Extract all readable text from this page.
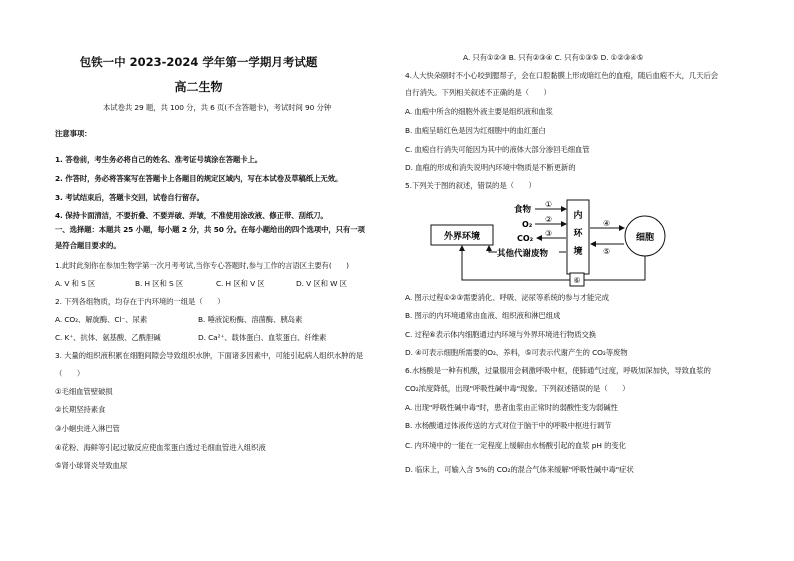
包铁一中 2023-2024 学年第一学期月考试题
高二生物
本试卷共 29 题，共 100 分，共 6 页(不含答题卡)，考试时间 90 分钟
注意事项：
1. 答卷前，考生务必将自己的姓名、准考证号填涂在答题卡上。
2. 作答时，务必将答案写在答题卡上各题目的规定区域内，写在本试卷及草稿纸上无效。
3. 考试结束后，答题卡交回，试卷自行留存。
4. 保持卡面清洁，不要折叠、不要弄破、弄皱，不准使用涂改液、修正带、刮纸刀。
一、选择题：本题共 25 小题，每小题 2 分，共 50 分。在每小题给出的四个选项中，只有一项
是符合题目要求的。
1.此时此刻你在参加生物学第一次月考考试,当你专心答题时,参与工作的言语区主要有(　　)
A. V 和 S 区	B. H 区和 S 区	C. H 区和 V 区	D. V 区和 W 区
2. 下列各组物质，均存在于内环境的一组是（　　）
A. CO₂、解旋酶、Cl⁻、尿素	B. 唾液淀粉酶、溶菌酶、胰岛素
C. K⁺、抗体、氨基酸、乙酰胆碱	D. Ca²⁺、载体蛋白、血浆蛋白、纤维素
3. 大量的组织液积累在细胞间隙会导致组织水肿，下面诸多因素中，可能引起病人组织水肿的是
（　　）
①毛细血管壁破损
②长期坚持素食
③小蛔虫进入淋巴管
④花粉、海鲜等引起过敏反应使血浆蛋白透过毛细血管进入组织液
⑤肾小球肾炎导致血尿
A. 只有①②③ B. 只有②③④ C. 只有①③⑤ D. ①②③④⑤
4.人大快朵颐时不小心咬到腮帮子，会在口腔黏膜上形成暗红色的血疱，随后血疱不大，几天后会
自行消失。下列相关叙述不正确的是（　　）
A. 血疱中所含的细胞外液主要是组织液和血浆
B. 血疱呈暗红色是因为红细胞中的血红蛋白
C. 血疱自行消失可能因为其中的液体大部分渗回毛细血管
D. 血疱的形成和消失说明内环境中物质是不断更新的
5.下列关于图的叙述，错误的是（　　）
外界环境
内
环
境
细胞
食物
①
O₂
②
CO₂
③
其他代谢废物
④
⑤
⑥
A. 图示过程①②③需要消化、呼吸、泌尿等系统的参与才能完成
B. 图示的内环境通常由血液、组织液和淋巴组成
C. 过程⑥表示体内细胞通过内环境与外界环境进行物质交换
D. ④可表示细胞所需要的O₂、养料，⑤可表示代谢产生的 CO₂等废物
6.水杨酸是一种有机酸，过量服用会刺激呼吸中枢，使肺通气过度，呼吸加深加快，导致血浆的
CO₂浓度降低，出现"呼吸性碱中毒"现象。下列叙述错误的是（　　）
A. 出现"呼吸性碱中毒"时，患者血浆由正常时的弱酸性变为弱碱性
B. 水杨酸通过体液传送的方式对位于脑干中的呼吸中枢进行调节
C. 内环境中的一能在一定程度上缓解由水杨酸引起的血浆 pH 的变化
D. 临床上，可输入含 5%的 CO₂的混合气体来缓解"呼吸性碱中毒"症状
